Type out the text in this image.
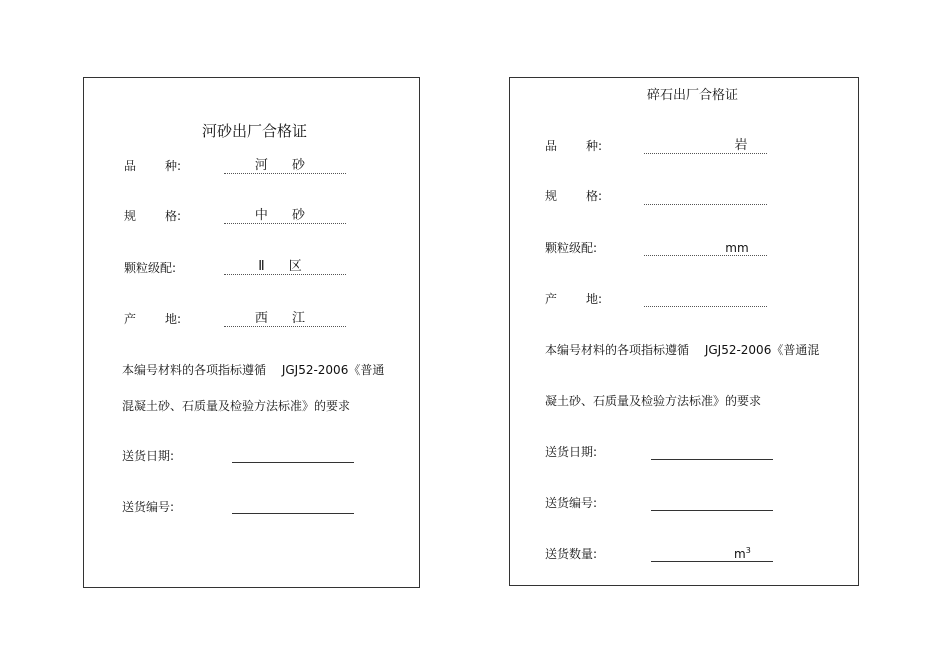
河砂出厂合格证
品 种:	河 砂
规 格:	中 砂
颗粒级配:	Ⅱ 区
产 地:	西 江
本编号材料的各项指标遵循　 JGJ52-2006《普通
混凝土砂、石质量及检验方法标准》的要求
送货日期:
送货编号:
碎石出厂合格证
品 种:	岩
规 格:
颗粒级配:	mm
产 地:
本编号材料的各项指标遵循　 JGJ52-2006《普通混
凝土砂、石质量及检验方法标准》的要求
送货日期:
送货编号:
送货数量:	$m^3$
